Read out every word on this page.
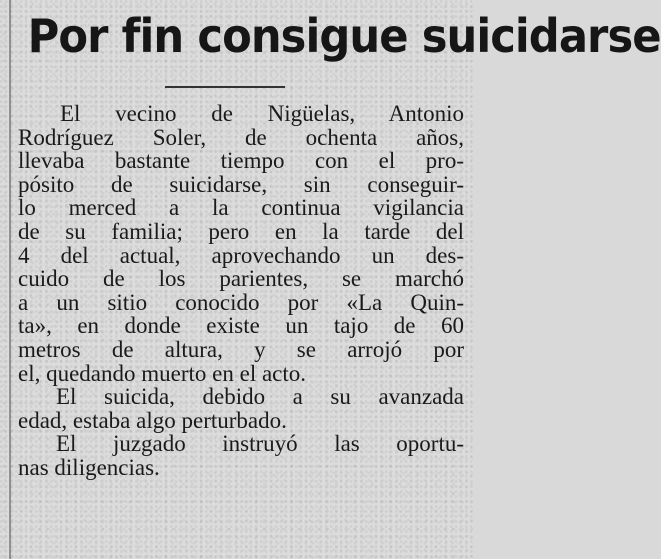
Por fin consigue suicidarse
El vecino de Nigüelas, Antonio
Rodríguez Soler, de ochenta años,
llevaba bastante tiempo con el pro-
pósito de suicidarse, sin conseguir-
lo merced a la continua vigilancia
de su familia; pero en la tarde del
4 del actual, aprovechando un des-
cuido de los parientes, se marchó
a un sitio conocido por «La Quin-
ta», en donde existe un tajo de 60
metros de altura, y se arrojó por
el, quedando muerto en el acto.
El suicida, debido a su avanzada
edad, estaba algo perturbado.
El juzgado instruyó las oportu-
nas diligencias.
